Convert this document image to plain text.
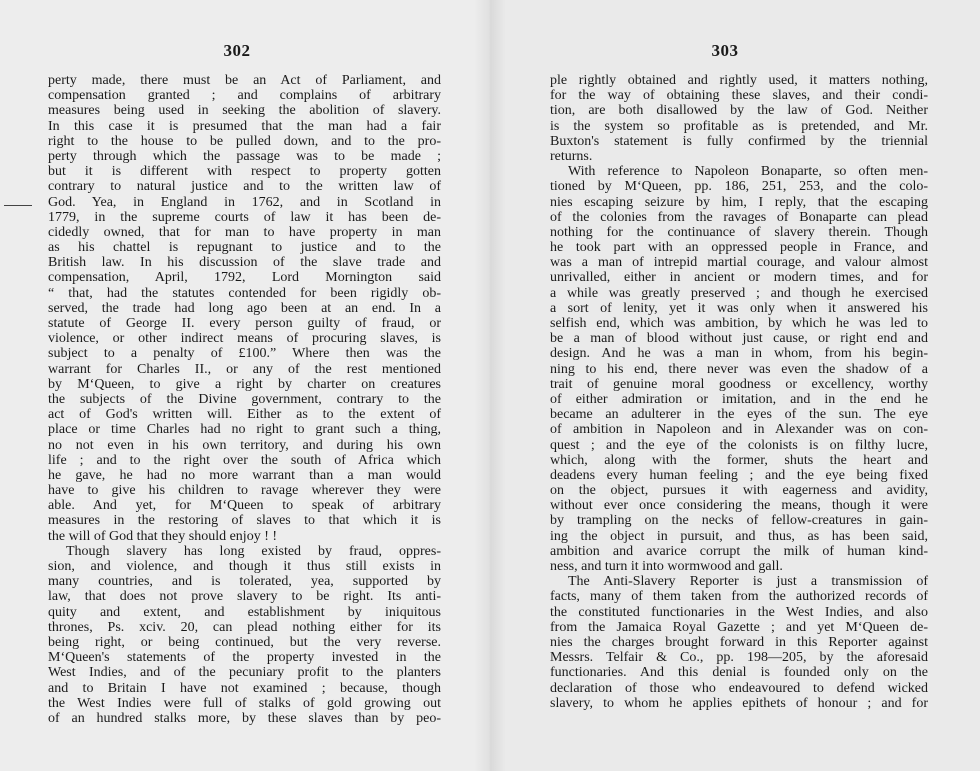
302
perty made, there must be an Act of Parliament, and
compensation granted ; and complains of arbitrary
measures being used in seeking the abolition of slavery.
In this case it is presumed that the man had a fair
right to the house to be pulled down, and to the pro-
perty through which the passage was to be made ;
but it is different with respect to property gotten
contrary to natural justice and to the written law of
God. Yea, in England in 1762, and in Scotland in
1779, in the supreme courts of law it has been de-
cidedly owned, that for man to have property in man
as his chattel is repugnant to justice and to the
British law. In his discussion of the slave trade and
compensation, April, 1792, Lord Mornington said
“ that, had the statutes contended for been rigidly ob-
served, the trade had long ago been at an end. In a
statute of George II. every person guilty of fraud, or
violence, or other indirect means of procuring slaves, is
subject to a penalty of £100.” Where then was the
warrant for Charles II., or any of the rest mentioned
by M‘Queen, to give a right by charter on creatures
the subjects of the Divine government, contrary to the
act of God's written will. Either as to the extent of
place or time Charles had no right to grant such a thing,
no not even in his own territory, and during his own
life ; and to the right over the south of Africa which
he gave, he had no more warrant than a man would
have to give his children to ravage wherever they were
able. And yet, for M‘Queen to speak of arbitrary
measures in the restoring of slaves to that which it is
the will of God that they should enjoy ! !
Though slavery has long existed by fraud, oppres-
sion, and violence, and though it thus still exists in
many countries, and is tolerated, yea, supported by
law, that does not prove slavery to be right. Its anti-
quity and extent, and establishment by iniquitous
thrones, Ps. xciv. 20, can plead nothing either for its
being right, or being continued, but the very reverse.
M‘Queen's statements of the property invested in the
West Indies, and of the pecuniary profit to the planters
and to Britain I have not examined ; because, though
the West Indies were full of stalks of gold growing out
of an hundred stalks more, by these slaves than by peo-
303
ple rightly obtained and rightly used, it matters nothing,
for the way of obtaining these slaves, and their condi-
tion, are both disallowed by the law of God. Neither
is the system so profitable as is pretended, and Mr.
Buxton's statement is fully confirmed by the triennial
returns.
With reference to Napoleon Bonaparte, so often men-
tioned by M‘Queen, pp. 186, 251, 253, and the colo-
nies escaping seizure by him, I reply, that the escaping
of the colonies from the ravages of Bonaparte can plead
nothing for the continuance of slavery therein. Though
he took part with an oppressed people in France, and
was a man of intrepid martial courage, and valour almost
unrivalled, either in ancient or modern times, and for
a while was greatly preserved ; and though he exercised
a sort of lenity, yet it was only when it answered his
selfish end, which was ambition, by which he was led to
be a man of blood without just cause, or right end and
design. And he was a man in whom, from his begin-
ning to his end, there never was even the shadow of a
trait of genuine moral goodness or excellency, worthy
of either admiration or imitation, and in the end he
became an adulterer in the eyes of the sun. The eye
of ambition in Napoleon and in Alexander was on con-
quest ; and the eye of the colonists is on filthy lucre,
which, along with the former, shuts the heart and
deadens every human feeling ; and the eye being fixed
on the object, pursues it with eagerness and avidity,
without ever once considering the means, though it were
by trampling on the necks of fellow-creatures in gain-
ing the object in pursuit, and thus, as has been said,
ambition and avarice corrupt the milk of human kind-
ness, and turn it into wormwood and gall.
The Anti-Slavery Reporter is just a transmission of
facts, many of them taken from the authorized records of
the constituted functionaries in the West Indies, and also
from the Jamaica Royal Gazette ; and yet M‘Queen de-
nies the charges brought forward in this Reporter against
Messrs. Telfair & Co., pp. 198—205, by the aforesaid
functionaries. And this denial is founded only on the
declaration of those who endeavoured to defend wicked
slavery, to whom he applies epithets of honour ; and for
